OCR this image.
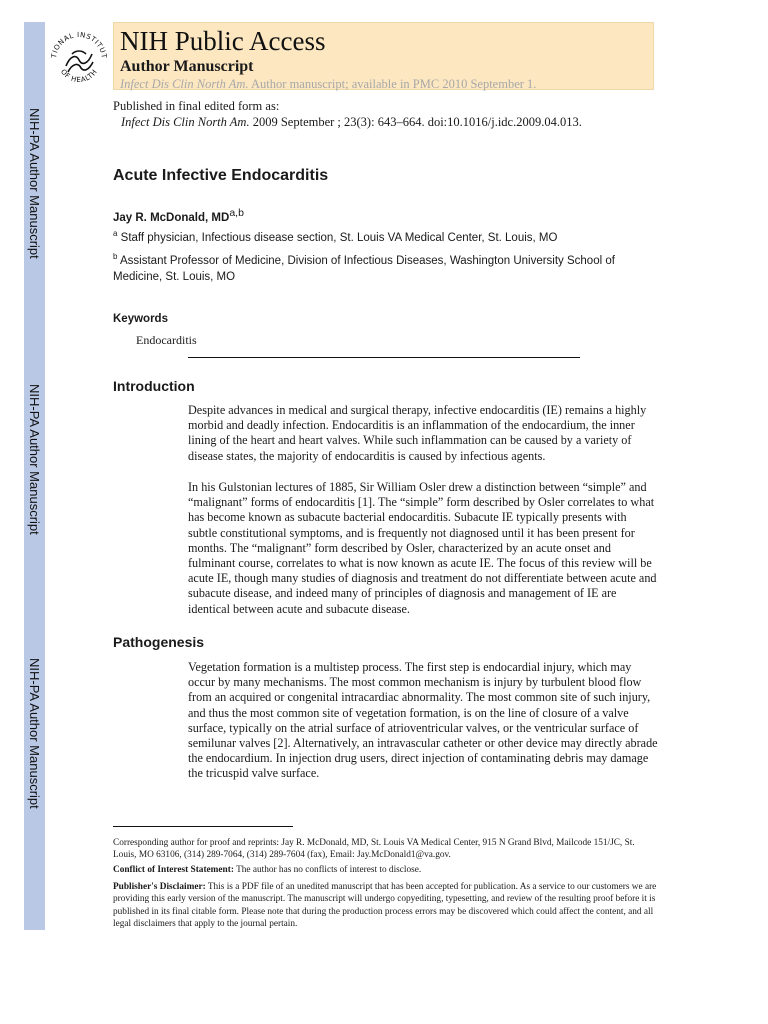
NIH-PA Author Manuscript
NIH-PA Author Manuscript
NIH-PA Author Manuscript
TIONAL INSTITUT
OF HEALTH
NIH Public Access
Author Manuscript
Infect Dis Clin North Am. Author manuscript; available in PMC 2010 September 1.
Published in final edited form as:
Infect Dis Clin North Am. 2009 September ; 23(3): 643–664. doi:10.1016/j.idc.2009.04.013.
Acute Infective Endocarditis
Jay R. McDonald, MD$^{a,b}$
$^a$ Staff physician, Infectious disease section, St. Louis VA Medical Center, St. Louis, MO
$^b$ Assistant Professor of Medicine, Division of Infectious Diseases, Washington University School of Medicine, St. Louis, MO
Keywords
Endocarditis
Introduction

Despite advances in medical and surgical therapy, infective endocarditis (IE) remains a highly morbid and deadly infection. Endocarditis is an inflammation of the endocardium, the inner lining of the heart and heart valves. While such inflammation can be caused by a variety of disease states, the majority of endocarditis is caused by infectious agents.

In his Gulstonian lectures of 1885, Sir William Osler drew a distinction between “simple” and “malignant” forms of endocarditis [1]. The “simple” form described by Osler correlates to what has become known as subacute bacterial endocarditis. Subacute IE typically presents with subtle constitutional symptoms, and is frequently not diagnosed until it has been present for months. The “malignant” form described by Osler, characterized by an acute onset and fulminant course, correlates to what is now known as acute IE. The focus of this review will be acute IE, though many studies of diagnosis and treatment do not differentiate between acute and subacute disease, and indeed many of principles of diagnosis and management of IE are identical between acute and subacute disease.

Pathogenesis

Vegetation formation is a multistep process. The first step is endocardial injury, which may occur by many mechanisms. The most common mechanism is injury by turbulent blood flow from an acquired or congenital intracardiac abnormality. The most common site of such injury, and thus the most common site of vegetation formation, is on the line of closure of a valve surface, typically on the atrial surface of atrioventricular valves, or the ventricular surface of semilunar valves [2]. Alternatively, an intravascular catheter or other device may directly abrade the endocardium. In injection drug users, direct injection of contaminating debris may damage the tricuspid valve surface.

Corresponding author for proof and reprints: Jay R. McDonald, MD, St. Louis VA Medical Center, 915 N Grand Blvd, Mailcode 151/JC, St. Louis, MO 63106, (314) 289-7064, (314) 289-7604 (fax), Email: Jay.McDonald1@va.gov.

Conflict of Interest Statement: The author has no conflicts of interest to disclose.

Publisher's Disclaimer: This is a PDF file of an unedited manuscript that has been accepted for publication. As a service to our customers we are providing this early version of the manuscript. The manuscript will undergo copyediting, typesetting, and review of the resulting proof before it is published in its final citable form. Please note that during the production process errors may be discovered which could affect the content, and all legal disclaimers that apply to the journal pertain.
